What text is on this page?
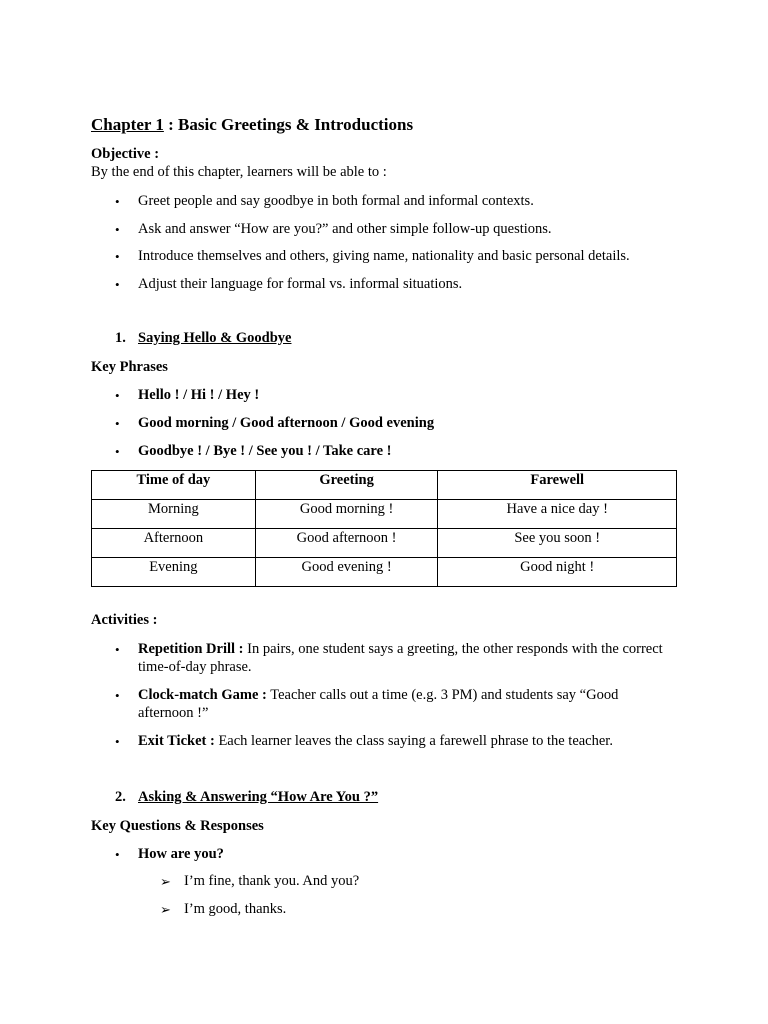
Chapter 1 : Basic Greetings & Introductions
Objective :
By the end of this chapter, learners will be able to :
• Greet people and say goodbye in both formal and informal contexts.
• Ask and answer “How are you?” and other simple follow-up questions.
• Introduce themselves and others, giving name, nationality and basic personal details.
• Adjust their language for formal vs. informal situations.
1. Saying Hello & Goodbye
Key Phrases
• Hello ! / Hi ! / Hey !
• Good morning / Good afternoon / Good evening
• Goodbye ! / Bye ! / See you ! / Take care !
Time of day	Greeting	Farewell
Morning	Good morning !	Have a nice day !
Afternoon	Good afternoon !	See you soon !
Evening	Good evening !	Good night !
Activities :
• Repetition Drill : In pairs, one student says a greeting, the other responds with the correct time-of-day phrase.
• Clock-match Game : Teacher calls out a time (e.g. 3 PM) and students say “Good afternoon !”
• Exit Ticket : Each learner leaves the class saying a farewell phrase to the teacher.
2. Asking & Answering “How Are You ?”
Key Questions & Responses
• How are you?
➢ I’m fine, thank you. And you?
➢ I’m good, thanks.
